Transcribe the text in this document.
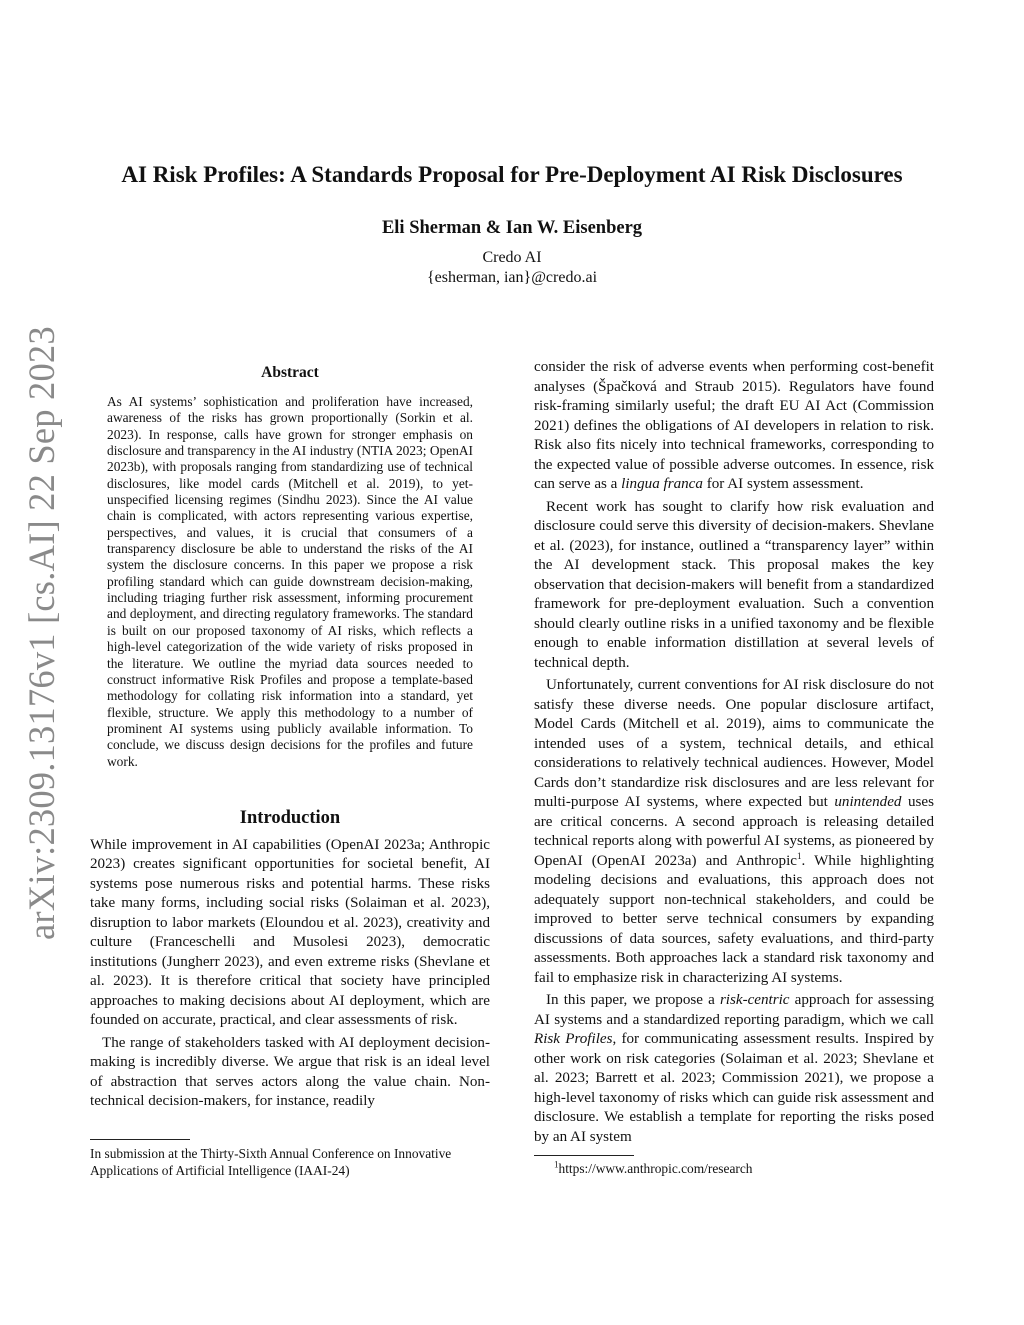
arXiv:2309.13176v1 [cs.AI] 22 Sep 2023
AI Risk Profiles: A Standards Proposal for Pre-Deployment AI Risk Disclosures
Eli Sherman & Ian W. Eisenberg
Credo AI
{esherman, ian}@credo.ai
Abstract

As AI systems’ sophistication and proliferation have increased, awareness of the risks has grown proportionally (Sorkin et al. 2023). In response, calls have grown for stronger emphasis on disclosure and transparency in the AI industry (NTIA 2023; OpenAI 2023b), with proposals ranging from standardizing use of technical disclosures, like model cards (Mitchell et al. 2019), to yet-unspecified licensing regimes (Sindhu 2023). Since the AI value chain is complicated, with actors representing various expertise, perspectives, and values, it is crucial that consumers of a transparency disclosure be able to understand the risks of the AI system the disclosure concerns. In this paper we propose a risk profiling standard which can guide downstream decision-making, including triaging further risk assessment, informing procurement and deployment, and directing regulatory frameworks. The standard is built on our proposed taxonomy of AI risks, which reflects a high-level categorization of the wide variety of risks proposed in the literature. We outline the myriad data sources needed to construct informative Risk Profiles and propose a template-based methodology for collating risk information into a standard, yet flexible, structure. We apply this methodology to a number of prominent AI systems using publicly available information. To conclude, we discuss design decisions for the profiles and future work.

Introduction

While improvement in AI capabilities (OpenAI 2023a; Anthropic 2023) creates significant opportunities for societal benefit, AI systems pose numerous risks and potential harms. These risks take many forms, including social risks (Solaiman et al. 2023), disruption to labor markets (Eloundou et al. 2023), creativity and culture (Franceschelli and Musolesi 2023), democratic institutions (Jungherr 2023), and even extreme risks (Shevlane et al. 2023). It is therefore critical that society have principled approaches to making decisions about AI deployment, which are founded on accurate, practical, and clear assessments of risk.

The range of stakeholders tasked with AI deployment decision-making is incredibly diverse. We argue that risk is an ideal level of abstraction that serves actors along the value chain. Non-technical decision-makers, for instance, readily

consider the risk of adverse events when performing cost-benefit analyses (Špačková and Straub 2015). Regulators have found risk-framing similarly useful; the draft EU AI Act (Commission 2021) defines the obligations of AI developers in relation to risk. Risk also fits nicely into technical frameworks, corresponding to the expected value of possible adverse outcomes. In essence, risk can serve as a lingua franca for AI system assessment.

Recent work has sought to clarify how risk evaluation and disclosure could serve this diversity of decision-makers. Shevlane et al. (2023), for instance, outlined a “transparency layer” within the AI development stack. This proposal makes the key observation that decision-makers will benefit from a standardized framework for pre-deployment evaluation. Such a convention should clearly outline risks in a unified taxonomy and be flexible enough to enable information distillation at several levels of technical depth.

Unfortunately, current conventions for AI risk disclosure do not satisfy these diverse needs. One popular disclosure artifact, Model Cards (Mitchell et al. 2019), aims to communicate the intended uses of a system, technical details, and ethical considerations to relatively technical audiences. However, Model Cards don’t standardize risk disclosures and are less relevant for multi-purpose AI systems, where expected but unintended uses are critical concerns. A second approach is releasing detailed technical reports along with powerful AI systems, as pioneered by OpenAI (OpenAI 2023a) and Anthropic$^1$. While highlighting modeling decisions and evaluations, this approach does not adequately support non-technical stakeholders, and could be improved to better serve technical consumers by expanding discussions of data sources, safety evaluations, and third-party assessments. Both approaches lack a standard risk taxonomy and fail to emphasize risk in characterizing AI systems.

In this paper, we propose a risk-centric approach for assessing AI systems and a standardized reporting paradigm, which we call Risk Profiles, for communicating assessment results. Inspired by other work on risk categories (Solaiman et al. 2023; Shevlane et al. 2023; Barrett et al. 2023; Commission 2021), we propose a high-level taxonomy of risks which can guide risk assessment and disclosure. We establish a template for reporting the risks posed by an AI system

In submission at the Thirty-Sixth Annual Conference on Innovative Applications of Artificial Intelligence (IAAI-24)	$^1$https://www.anthropic.com/research
